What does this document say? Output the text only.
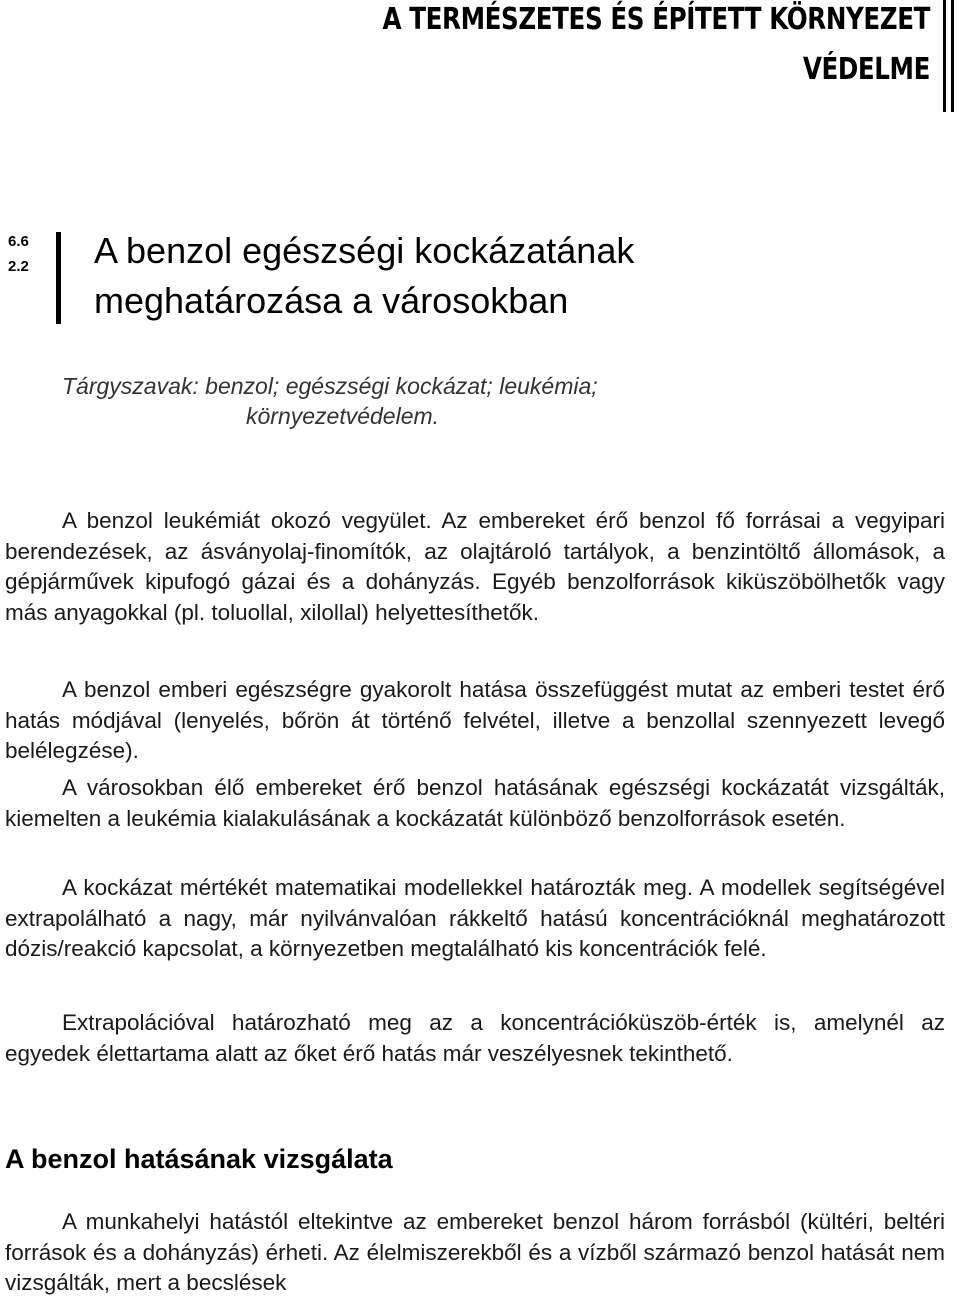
A TERMÉSZETES ÉS ÉPÍTETT KÖRNYEZET
VÉDELME
6.6
2.2 A benzol egészségi kockázatának
meghatározása a városokban
Tárgyszavak: benzol; egészségi kockázat; leukémia;
környezetvédelem.

A benzol leukémiát okozó vegyület. Az embereket érő benzol fő forrásai a vegyipari berendezések, az ásványolaj-finomítók, az olajtároló tartályok, a benzintöltő állomások, a gépjárművek kipufogó gázai és a dohányzás. Egyéb benzolforrások kiküszöbölhetők vagy más anyagokkal (pl. toluollal, xilollal) helyettesíthetők.

A benzol emberi egészségre gyakorolt hatása összefüggést mutat az emberi testet érő hatás módjával (lenyelés, bőrön át történő felvétel, illetve a benzollal szennyezett levegő belélegzése).

A városokban élő embereket érő benzol hatásának egészségi kockázatát vizsgálták, kiemelten a leukémia kialakulásának a kockázatát különböző benzolforrások esetén.

A kockázat mértékét matematikai modellekkel határozták meg. A modellek segítségével extrapolálható a nagy, már nyilvánvalóan rákkeltő hatású koncentrációknál meghatározott dózis/reakció kapcsolat, a környezetben megtalálható kis koncentrációk felé.

Extrapolációval határozható meg az a koncentrációküszöb-érték is, amelynél az egyedek élettartama alatt az őket érő hatás már veszélyesnek tekinthető.

A benzol hatásának vizsgálata

A munkahelyi hatástól eltekintve az embereket benzol három forrásból (kültéri, beltéri források és a dohányzás) érheti. Az élelmiszerekből és a vízből származó benzol hatását nem vizsgálták, mert a becslések
